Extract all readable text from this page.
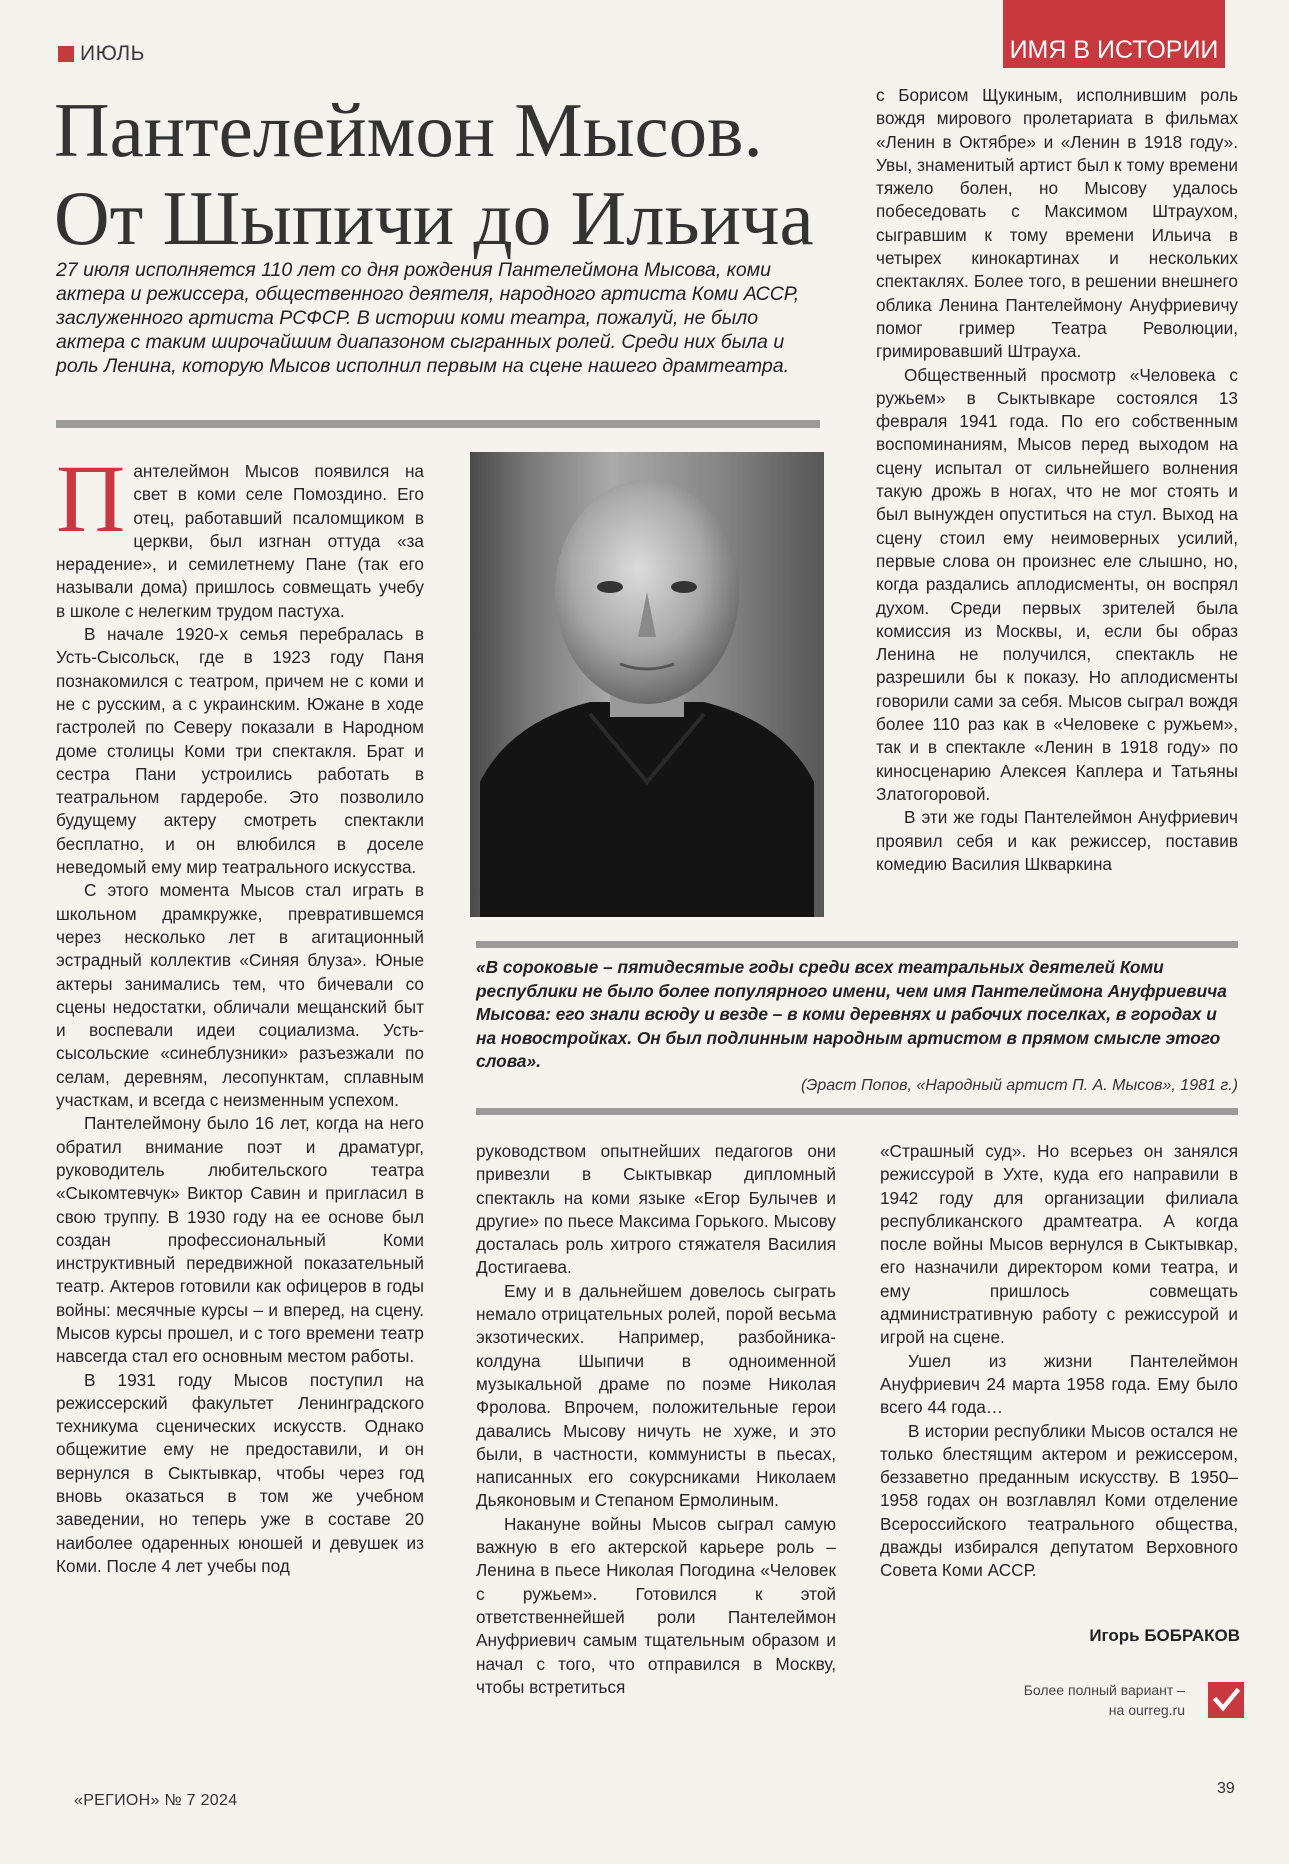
ИЮЛЬ	ИМЯ В ИСТОРИИ
Пантелеймон Мысов.
От Шыпичи до Ильича

27 июля исполняется 110 лет со дня рождения Пантелеймона Мысова, коми актера и режиссера, общественного деятеля, народного артиста Коми АССР, заслуженного артиста РСФСР. В истории коми театра, пожалуй, не было актера с таким широчайшим диапазоном сыгранных ролей. Среди них была и роль Ленина, которую Мысов исполнил первым на сцене нашего драмтеатра.

Пантелеймон Мысов появился на свет в коми селе Помоздино. Его отец, работавший псаломщиком в церкви, был изгнан оттуда «за нерадение», и семилетнему Пане (так его называли дома) пришлось совмещать учебу в школе с нелегким трудом пастуха.

В начале 1920-х семья перебралась в Усть-Сысольск, где в 1923 году Паня познакомился с театром, причем не с коми и не с русским, а с украинским. Южане в ходе гастролей по Северу показали в Народном доме столицы Коми три спектакля. Брат и сестра Пани устроились работать в театральном гардеробе. Это позволило будущему актеру смотреть спектакли бесплатно, и он влюбился в доселе неведомый ему мир театрального искусства.

С этого момента Мысов стал играть в школьном драмкружке, превратившемся через несколько лет в агитационный эстрадный коллектив «Синяя блуза». Юные актеры занимались тем, что бичевали со сцены недостатки, обличали мещанский быт и воспевали идеи социализма. Усть-сысольские «синеблузники» разъезжали по селам, деревням, лесопунктам, сплавным участкам, и всегда с неизменным успехом.

Пантелеймону было 16 лет, когда на него обратил внимание поэт и драматург, руководитель любительского театра «Сыкомтевчук» Виктор Савин и пригласил в свою труппу. В 1930 году на ее основе был создан профессиональный Коми инструктивный передвижной показательный театр. Актеров готовили как офицеров в годы войны: месячные курсы – и вперед, на сцену. Мысов курсы прошел, и с того времени театр навсегда стал его основным местом работы.

В 1931 году Мысов поступил на режиссерский факультет Ленинградского техникума сценических искусств. Однако общежитие ему не предоставили, и он вернулся в Сыктывкар, чтобы через год вновь оказаться в том же учебном заведении, но теперь уже в составе 20 наиболее одаренных юношей и девушек из Коми. После 4 лет учебы под

с Борисом Щукиным, исполнившим роль вождя мирового пролетариата в фильмах «Ленин в Октябре» и «Ленин в 1918 году». Увы, знаменитый артист был к тому времени тяжело болен, но Мысову удалось побеседовать с Максимом Штраухом, сыгравшим к тому времени Ильича в четырех кинокартинах и нескольких спектаклях. Более того, в решении внешнего облика Ленина Пантелеймону Ануфриевичу помог гример Театра Революции, гримировавший Штрауха.

Общественный просмотр «Человека с ружьем» в Сыктывкаре состоялся 13 февраля 1941 года. По его собственным воспоминаниям, Мысов перед выходом на сцену испытал от сильнейшего волнения такую дрожь в ногах, что не мог стоять и был вынужден опуститься на стул. Выход на сцену стоил ему неимоверных усилий, первые слова он произнес еле слышно, но, когда раздались аплодисменты, он воспрял духом. Среди первых зрителей была комиссия из Москвы, и, если бы образ Ленина не получился, спектакль не разрешили бы к показу. Но аплодисменты говорили сами за себя. Мысов сыграл вождя более 110 раз как в «Человеке с ружьем», так и в спектакле «Ленин в 1918 году» по киносценарию Алексея Каплера и Татьяны Златогоровой.

В эти же годы Пантелеймон Ануфриевич проявил себя и как режиссер, поставив комедию Василия Шкваркина

«В сороковые – пятидесятые годы среди всех театральных деятелей Коми республики не было более популярного имени, чем имя Пантелеймона Ануфриевича Мысова: его знали всюду и везде – в коми деревнях и рабочих поселках, в городах и на новостройках. Он был подлинным народным артистом в прямом смысле этого слова».

(Эраст Попов, «Народный артист П. А. Мысов», 1981 г.)

руководством опытнейших педагогов они привезли в Сыктывкар дипломный спектакль на коми языке «Егор Булычев и другие» по пьесе Максима Горького. Мысову досталась роль хитрого стяжателя Василия Достигаева.

Ему и в дальнейшем довелось сыграть немало отрицательных ролей, порой весьма экзотических. Например, разбойника-колдуна Шыпичи в одноименной музыкальной драме по поэме Николая Фролова. Впрочем, положительные герои давались Мысову ничуть не хуже, и это были, в частности, коммунисты в пьесах, написанных его сокурсниками Николаем Дьяконовым и Степаном Ермолиным.

Накануне войны Мысов сыграл самую важную в его актерской карьере роль – Ленина в пьесе Николая Погодина «Человек с ружьем». Готовился к этой ответственнейшей роли Пантелеймон Ануфриевич самым тщательным образом и начал с того, что отправился в Москву, чтобы встретиться

«Страшный суд». Но всерьез он занялся режиссурой в Ухте, куда его направили в 1942 году для организации филиала республиканского драмтеатра. А когда после войны Мысов вернулся в Сыктывкар, его назначили директором коми театра, и ему пришлось совмещать административную работу с режиссурой и игрой на сцене.

Ушел из жизни Пантелеймон Ануфриевич 24 марта 1958 года. Ему было всего 44 года…

В истории республики Мысов остался не только блестящим актером и режиссером, беззаветно преданным искусству. В 1950–1958 годах он возглавлял Коми отделение Всероссийского театрального общества, дважды избирался депутатом Верховного Совета Коми АССР.

Игорь БОБРАКОВ
Более полный вариант –
на ourreg.ru
«РЕГИОН» № 7 2024
39
